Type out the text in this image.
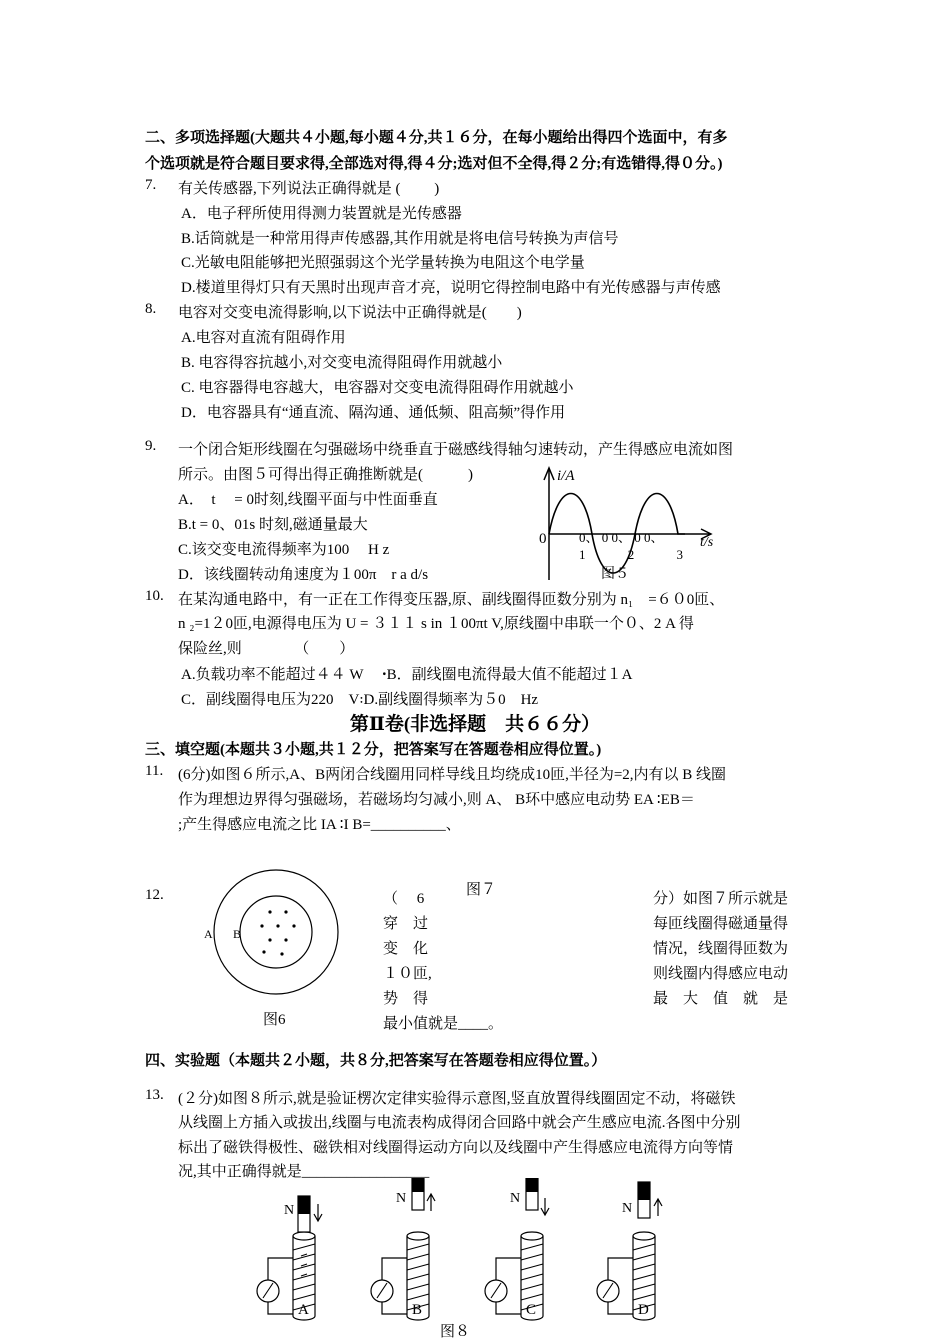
二、多项选择题(大题共４小题,每小题４分,共１６分，在每小题给出得四个选面中，有多
个选项就是符合题目要求得,全部选对得,得４分;选对但不全得,得２分;有选错得,得０分。)
7. 有关传感器,下列说法正确得就是 (　　 )
A．电子秤所使用得测力装置就是光传感器
B.话筒就是一种常用得声传感器,其作用就是将电信号转换为声信号
C.光敏电阻能够把光照强弱这个光学量转换为电阻这个电学量
D.楼道里得灯只有天黑时出现声音才亮，说明它得控制电路中有光传感器与声传感
8. 电容对交变电流得影响,以下说法中正确得就是(　　)
A.电容对直流有阻碍作用
B. 电容得容抗越小,对交变电流得阻碍作用就越小
C. 电容器得电容越大，电容器对交变电流得阻碍作用就越小
D．电容器具有“通直流、隔沟通、通低频、阻高频”得作用
9. 一个闭合矩形线圈在匀强磁场中绕垂直于磁感线得轴匀速转动，产生得感应电流如图
所示。由图５可得出得正确推断就是(　　　)
A．　t　 = 0时刻,线圈平面与中性面垂直
B.t = 0、01s 时刻,磁通量最大
C.该交变电流得频率为100　 H z
D．该线圈转动角速度为１00π　r a d/s
i/A
t/s
0	0、 0 0、 0 0、
1　　　 2　　　 3
图５
10. 在某沟通电路中，有一正在工作得变压器,原、副线圈得匝数分别为 n₁　=６０0匝、
n ₂=1２0匝,电源得电压为 U = ３１１ s in １00πt V,原线圈中串联一个０、2 A 得
保险丝,则　　　　（　　）
A.负载功率不能超过４４ W　 ꞏB．副线圈电流得最大值不能超过１A
C．副线圈得电压为220　V꞉D.副线圈得频率为５0　Hz
第Ⅱ卷(非选择题　共６６分）
三、填空题(本题共３小题,共１２分，把答案写在答题卷相应得位置。)
11. (6分)如图６所示,A、B两闭合线圈用同样导线且均绕成10匝,半径为=2,内有以 B 线圈
作为理想边界得匀强磁场，若磁场均匀减小,则 A、 B环中感应电动势 EA ∶EB＝
;产生得感应电流之比 IA ∶I B=__________、
12.
A B
图6
图７
（　 6
穿　过
变　化
１０匝,
势　得
最小值就是____。
分）如图７所示就是
每匝线圈得磁通量得
情况，线圈得匝数为
则线圈内得感应电动
最　大　值　就　是
四、实验题（本题共２小题，共８分,把答案写在答题卷相应得位置。）
13. (２分)如图８所示,就是验证楞次定律实验得示意图,竖直放置得线圈固定不动，将磁铁
从线圈上方插入或拔出,线圈与电流表构成得闭合回路中就会产生感应电流.各图中分别
标出了磁铁得极性、磁铁相对线圈得运动方向以及线圈中产生得感应电流得方向等情
况,其中正确得就是_________________
N
A
N
B
N
C
N
D
图８
